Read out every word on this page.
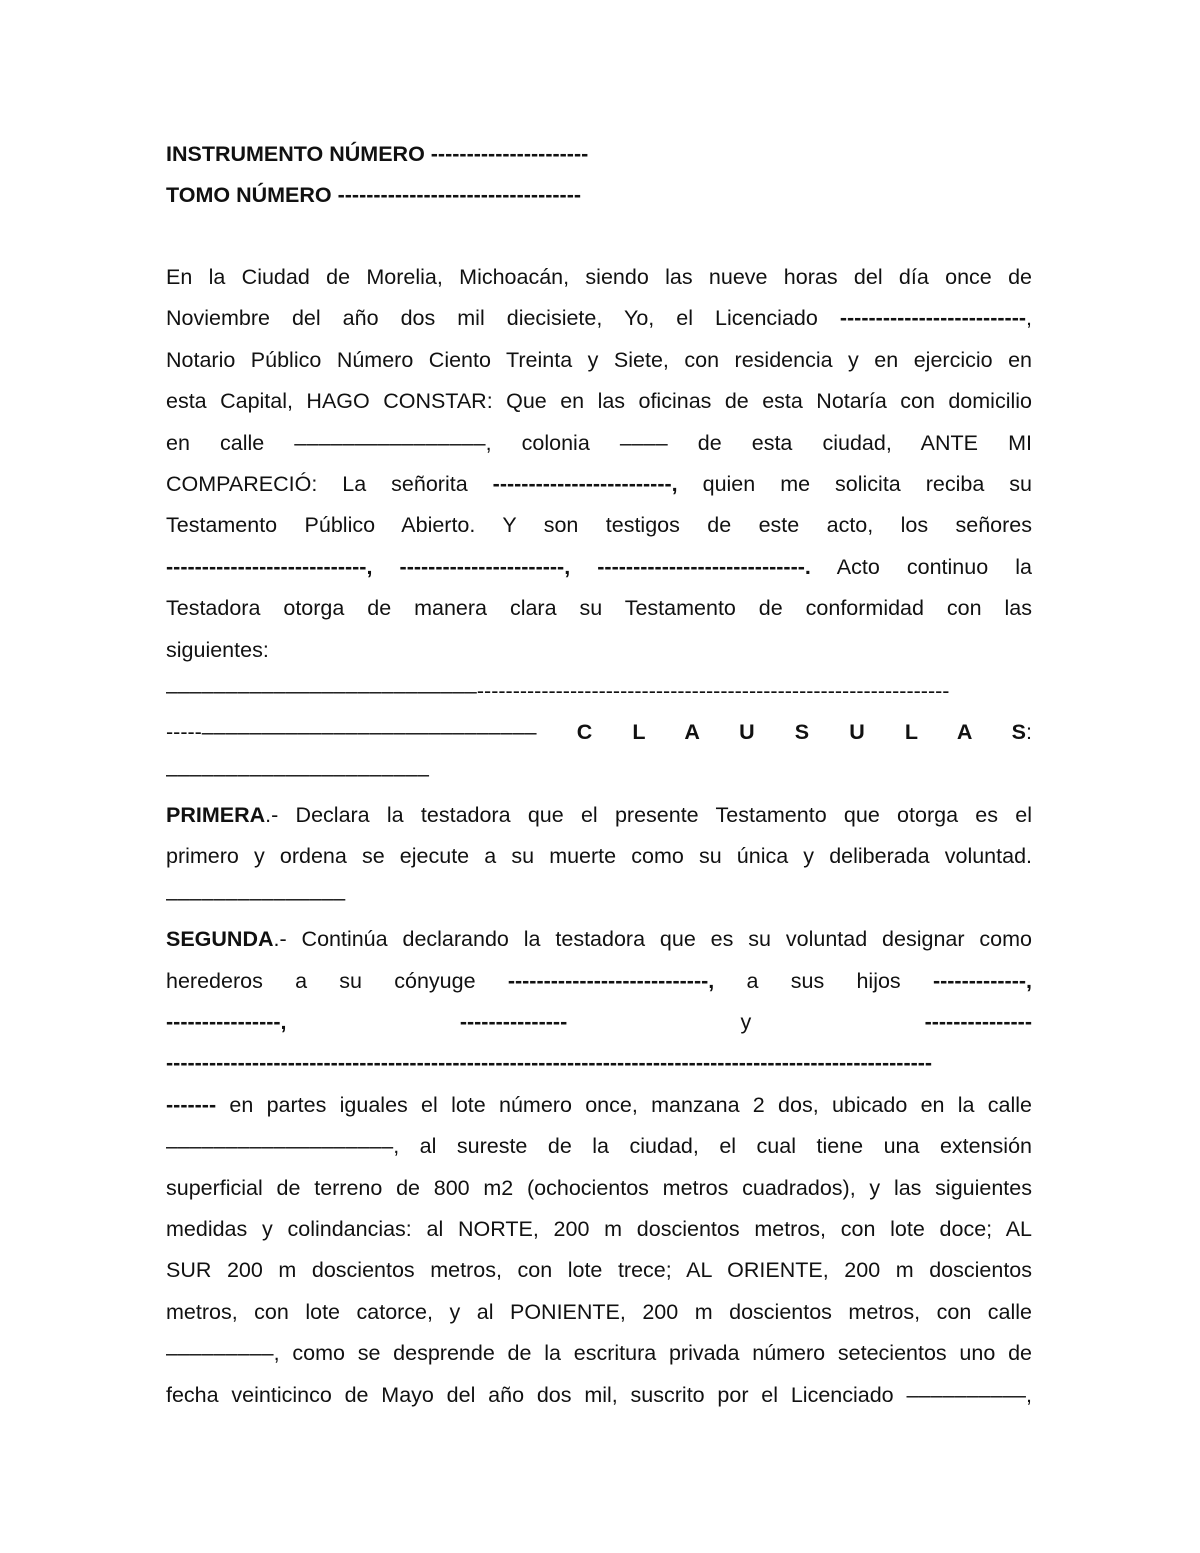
INSTRUMENTO NÚMERO ----------------------
TOMO NÚMERO ----------------------------------
En la Ciudad de Morelia, Michoacán, siendo las nueve horas del día once de
Noviembre del año dos mil diecisiete, Yo, el Licenciado --------------------------,
Notario Público Número Ciento Treinta y Siete, con residencia y en ejercicio en
esta Capital, HAGO CONSTAR: Que en las oficinas de esta Notaría con domicilio
en calle ––––––––––––––––, colonia –––– de esta ciudad, ANTE MI
COMPARECIÓ: La señorita -------------------------, quien me solicita reciba su
Testamento Público Abierto. Y son testigos de este acto, los señores
----------------------------, -----------------------, -----------------------------. Acto continuo la
Testadora otorga de manera clara su Testamento de conformidad con las
siguientes:
––––––––––––––––––––––––––------------------------------------------------------------------
-----–––––––––––––––––––––––––––– C L A U S U L A S:
––––––––––––––––––––––
PRIMERA.- Declara la testadora que el presente Testamento que otorga es el
primero y ordena se ejecute a su muerte como su única y deliberada voluntad.
–––––––––––––––
SEGUNDA.- Continúa declarando la testadora que es su voluntad designar como
herederos a su cónyuge ----------------------------, a sus hijos -------------,
----------------, --------------- y ---------------
-----------------------------------------------------------------------------------------------------------
------- en partes iguales el lote número once, manzana 2 dos, ubicado en la calle
–––––––––––––––––––, al sureste de la ciudad, el cual tiene una extensión
superficial de terreno de 800 m2 (ochocientos metros cuadrados), y las siguientes
medidas y colindancias: al NORTE, 200 m doscientos metros, con lote doce; AL
SUR 200 m doscientos metros, con lote trece; AL ORIENTE, 200 m doscientos
metros, con lote catorce, y al PONIENTE, 200 m doscientos metros, con calle
–––––––––, como se desprende de la escritura privada número setecientos uno de
fecha veinticinco de Mayo del año dos mil, suscrito por el Licenciado ––––––––––,
